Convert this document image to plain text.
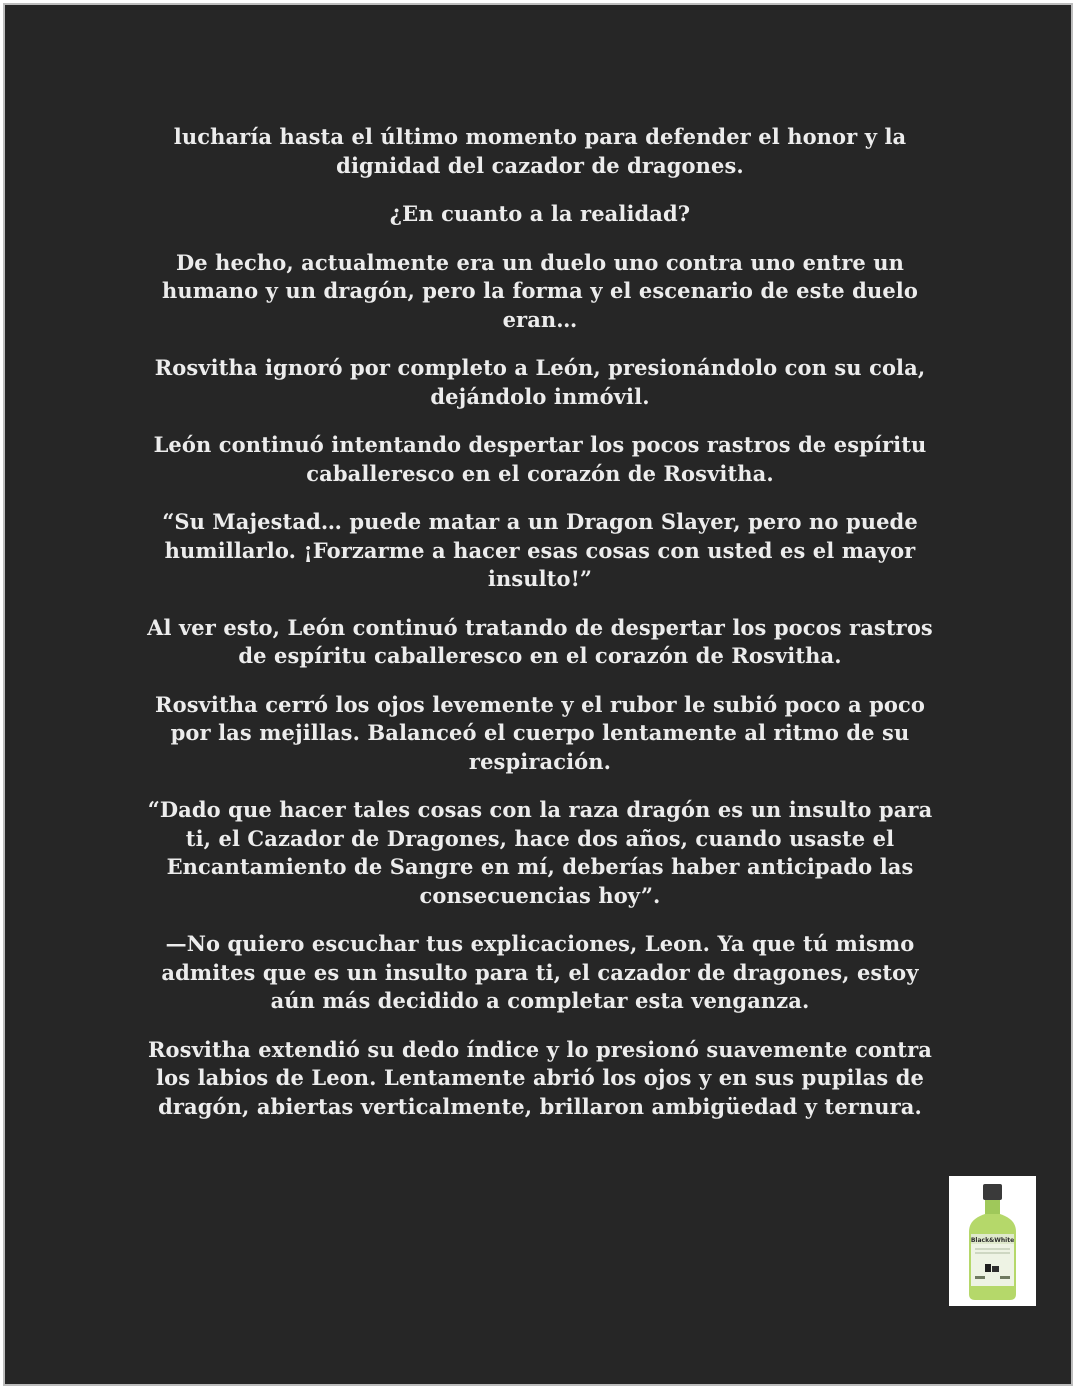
lucharía hasta el último momento para defender el honor y la dignidad del cazador de dragones.

¿En cuanto a la realidad?

De hecho, actualmente era un duelo uno contra uno entre un humano y un dragón, pero la forma y el escenario de este duelo eran…

Rosvitha ignoró por completo a León, presionándolo con su cola, dejándolo inmóvil.

León continuó intentando despertar los pocos rastros de espíritu caballeresco en el corazón de Rosvitha.

“Su Majestad… puede matar a un Dragon Slayer, pero no puede humillarlo. ¡Forzarme a hacer esas cosas con usted es el mayor insulto!”

Al ver esto, León continuó tratando de despertar los pocos rastros de espíritu caballeresco en el corazón de Rosvitha.

Rosvitha cerró los ojos levemente y el rubor le subió poco a poco por las mejillas. Balanceó el cuerpo lentamente al ritmo de su respiración.

“Dado que hacer tales cosas con la raza dragón es un insulto para ti, el Cazador de Dragones, hace dos años, cuando usaste el Encantamiento de Sangre en mí, deberías haber anticipado las consecuencias hoy”.

—No quiero escuchar tus explicaciones, Leon. Ya que tú mismo admites que es un insulto para ti, el cazador de dragones, estoy aún más decidido a completar esta venganza.

Rosvitha extendió su dedo índice y lo presionó suavemente contra los labios de Leon. Lentamente abrió los ojos y en sus pupilas de dragón, abiertas verticalmente, brillaron ambigüedad y ternura.

Black&White
